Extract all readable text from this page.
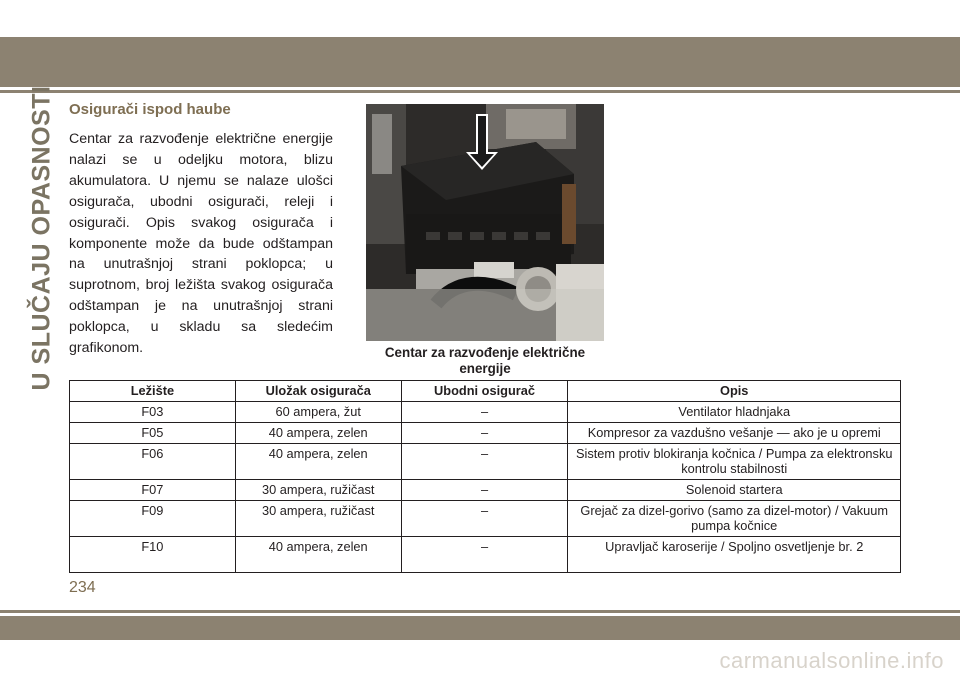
U SLUČAJU OPASNOSTI Osigurači ispod haube
Centar za razvođenje električne energije nalazi se u odeljku motora, blizu akumulatora. U njemu se nalaze ulošci osigurača, ubodni osigurači, releji i osigurači. Opis svakog osigurača i komponente može da bude odštampan na unutrašnjoj strani poklopca; u suprotnom, broj ležišta svakog osigurača odštampan je na unutrašnjoj strani poklopca, u skladu sa sledećim grafikonom.	Centar za razvođenje električne energije
Ležište	Uložak osigurača	Ubodni osigurač	Opis
F03	60 ampera, žut	–	Ventilator hladnjaka
F05	40 ampera, zelen	–	Kompresor za vazdušno vešanje — ako je u opremi
F06	40 ampera, zelen	–	Sistem protiv blokiranja kočnica / Pumpa za elektronsku kontrolu stabilnosti
F07	30 ampera, ružičast	–	Solenoid startera
F09	30 ampera, ružičast	–	Grejač za dizel-gorivo (samo za dizel-motor) / Vakuum pumpa kočnice
F10	40 ampera, zelen	–	Upravljač karoserije / Spoljno osvetljenje br. 2
234
carmanualsonline.info
